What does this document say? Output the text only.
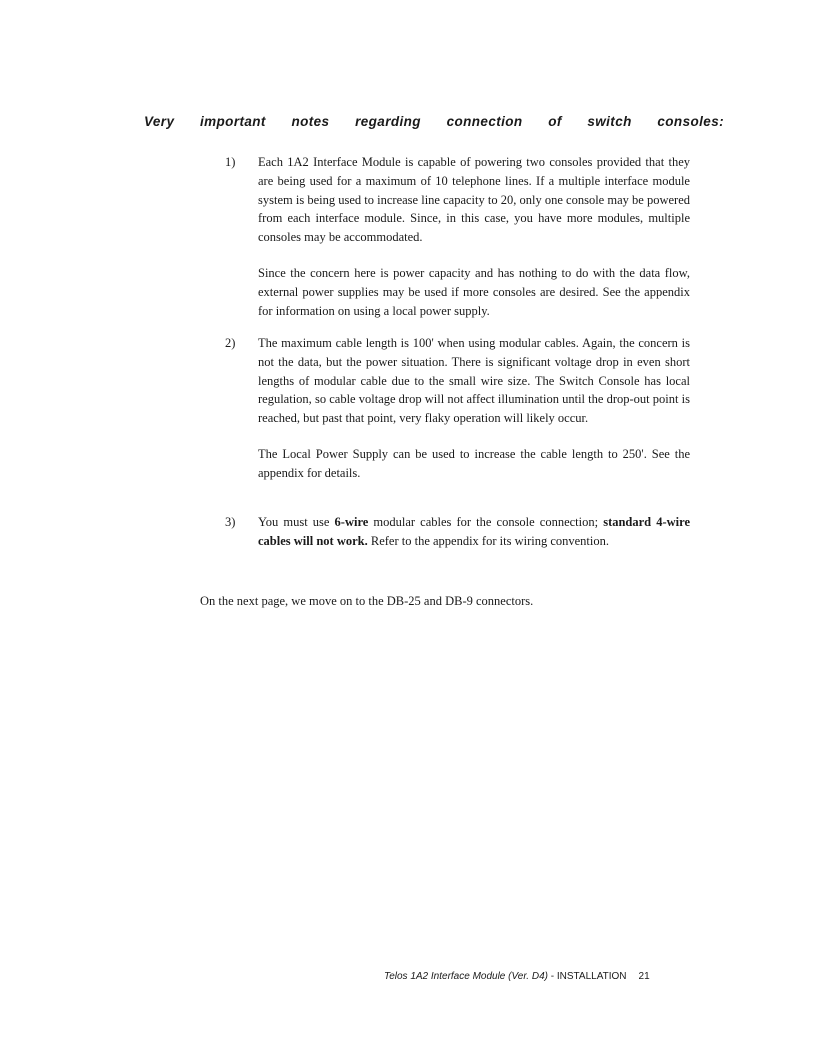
Very important notes regarding connection of switch consoles:
1)	Each 1A2 Interface Module is capable of powering two consoles provided that they are being used for a maximum of 10 telephone lines. If a multiple interface module system is being used to increase line capacity to 20, only one console may be powered from each interface module. Since, in this case, you have more modules, multiple consoles may be accommodated.

Since the concern here is power capacity and has nothing to do with the data flow, external power supplies may be used if more consoles are desired. See the appendix for information on using a local power supply.

2)	The maximum cable length is 100' when using modular cables. Again, the concern is not the data, but the power situation. There is significant voltage drop in even short lengths of modular cable due to the small wire size. The Switch Console has local regulation, so cable voltage drop will not affect illumination until the drop-out point is reached, but past that point, very flaky operation will likely occur.

The Local Power Supply can be used to increase the cable length to 250'. See the appendix for details.

3)	You must use 6-wire modular cables for the console connection; standard 4-wire cables will not work. Refer to the appendix for its wiring convention.

On the next page, we move on to the DB-25 and DB-9 connectors.
Telos 1A2 Interface Module (Ver. D4) - INSTALLATION 21
